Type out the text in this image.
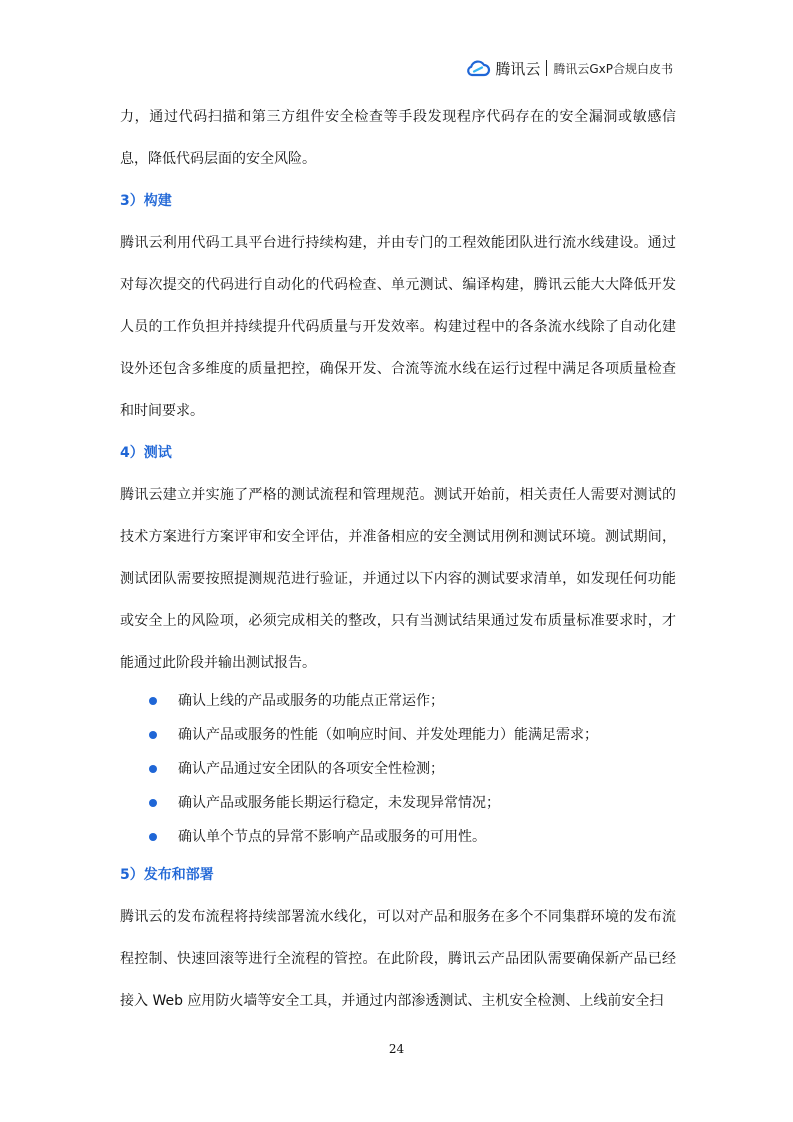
腾讯云 腾讯云GxP合规白皮书

力，通过代码扫描和第三方组件安全检查等手段发现程序代码存在的安全漏洞或敏感信息，降低代码层面的安全风险。

3）构建

腾讯云利用代码工具平台进行持续构建，并由专门的工程效能团队进行流水线建设。通过对每次提交的代码进行自动化的代码检查、单元测试、编译构建，腾讯云能大大降低开发人员的工作负担并持续提升代码质量与开发效率。构建过程中的各条流水线除了自动化建设外还包含多维度的质量把控，确保开发、合流等流水线在运行过程中满足各项质量检查和时间要求。

4）测试

腾讯云建立并实施了严格的测试流程和管理规范。测试开始前，相关责任人需要对测试的技术方案进行方案评审和安全评估，并准备相应的安全测试用例和测试环境。测试期间，测试团队需要按照提测规范进行验证，并通过以下内容的测试要求清单，如发现任何功能或安全上的风险项，必须完成相关的整改，只有当测试结果通过发布质量标准要求时，才能通过此阶段并输出测试报告。

确认上线的产品或服务的功能点正常运作；
确认产品或服务的性能（如响应时间、并发处理能力）能满足需求；
确认产品通过安全团队的各项安全性检测；
确认产品或服务能长期运行稳定，未发现异常情况；
确认单个节点的异常不影响产品或服务的可用性。

5）发布和部署

腾讯云的发布流程将持续部署流水线化，可以对产品和服务在多个不同集群环境的发布流程控制、快速回滚等进行全流程的管控。在此阶段，腾讯云产品团队需要确保新产品已经接入 Web 应用防火墙等安全工具，并通过内部渗透测试、主机安全检测、上线前安全扫

24
